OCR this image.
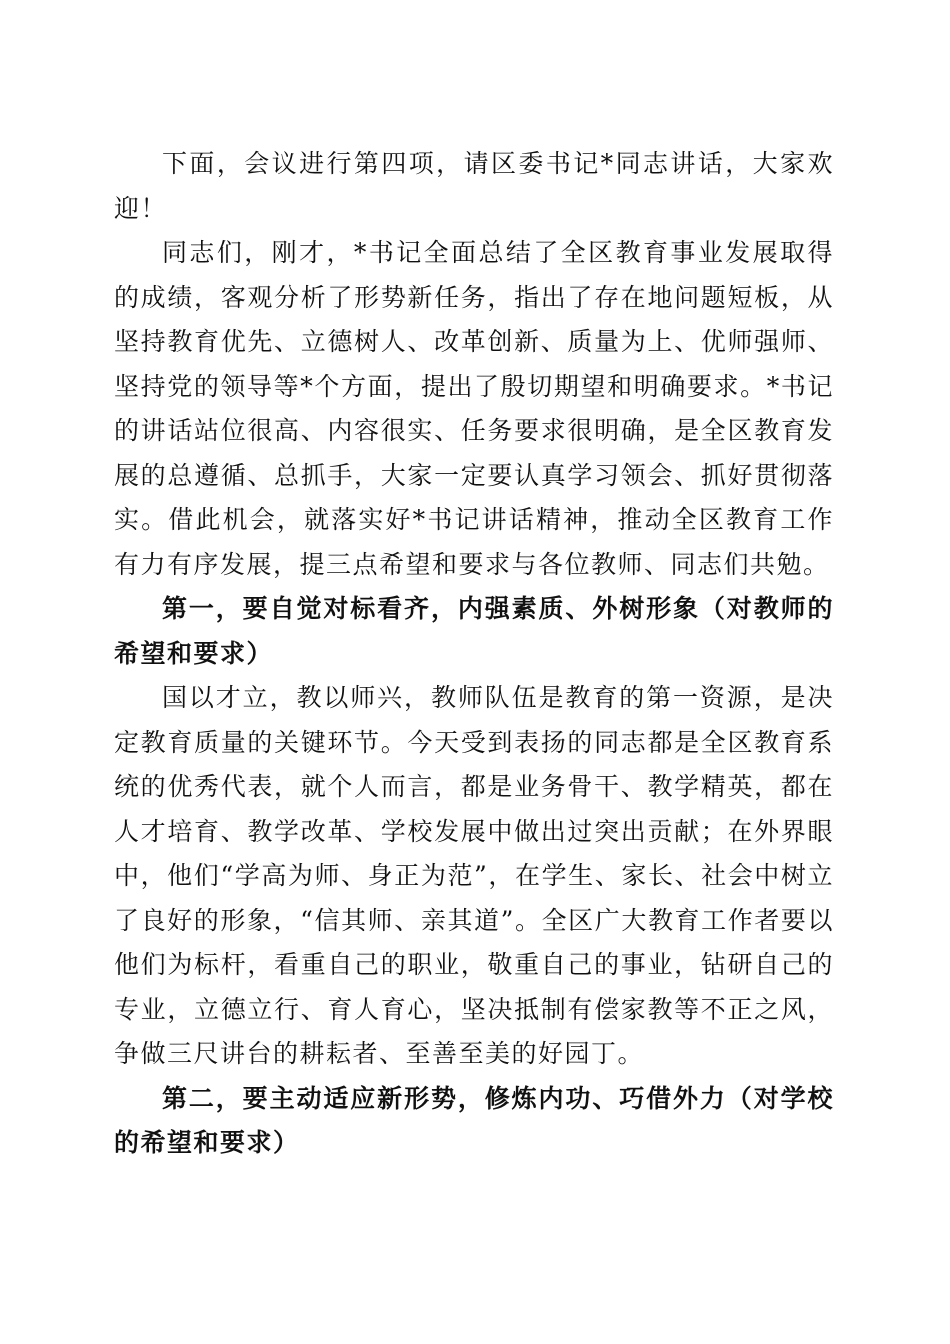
下面，会议进行第四项，请区委书记*同志讲话，大家欢迎！

同志们，刚才，*书记全面总结了全区教育事业发展取得的成绩，客观分析了形势新任务，指出了存在地问题短板，从坚持教育优先、立德树人、改革创新、质量为上、优师强师、坚持党的领导等*个方面，提出了殷切期望和明确要求。*书记的讲话站位很高、内容很实、任务要求很明确，是全区教育发展的总遵循、总抓手，大家一定要认真学习领会、抓好贯彻落实。借此机会，就落实好*书记讲话精神，推动全区教育工作有力有序发展，提三点希望和要求与各位教师、同志们共勉。

第一，要自觉对标看齐，内强素质、外树形象（对教师的希望和要求）

国以才立，教以师兴，教师队伍是教育的第一资源，是决定教育质量的关键环节。今天受到表扬的同志都是全区教育系统的优秀代表，就个人而言，都是业务骨干、教学精英，都在人才培育、教学改革、学校发展中做出过突出贡献；在外界眼中，他们“学高为师、身正为范”，在学生、家长、社会中树立了良好的形象，“信其师、亲其道”。全区广大教育工作者要以他们为标杆，看重自己的职业，敬重自己的事业，钻研自己的专业，立德立行、育人育心，坚决抵制有偿家教等不正之风，争做三尺讲台的耕耘者、至善至美的好园丁。

第二，要主动适应新形势，修炼内功、巧借外力（对学校的希望和要求）
